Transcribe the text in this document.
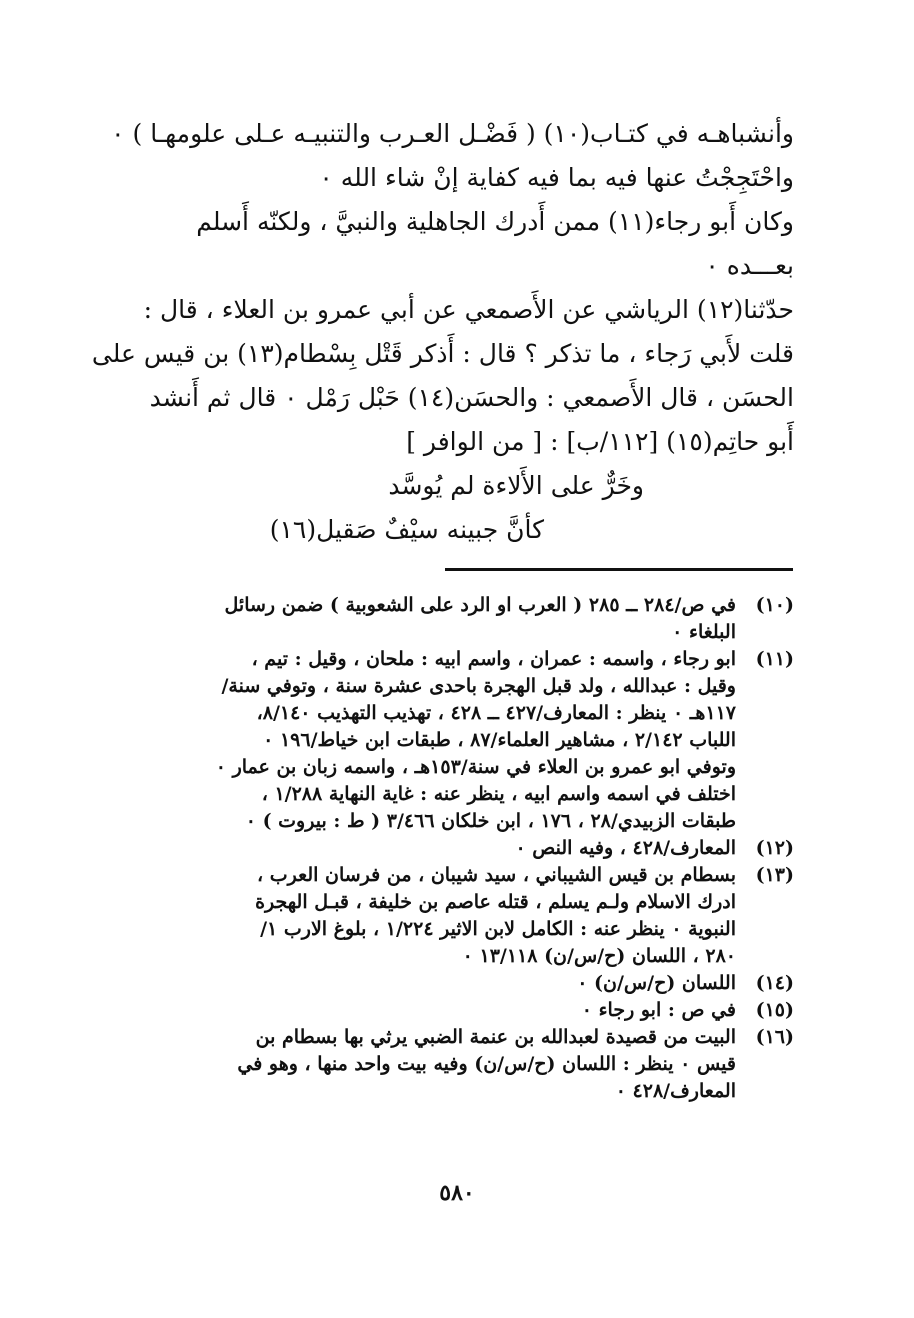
وأنشباهـه في كتـاب(١٠) ( فَضْـل العـرب والتنبيـه عـلى علومهـا ) ٠
واحْتَجِجْتُ عنها فيه بما فيه كفاية إنْ شاء الله ٠
وكان أَبو رجاء(١١) ممن أَدرك الجاهلية والنبيَّ ، ولكنّه أَسلم
بعـــده ٠
حدّثنا(١٢) الرياشي عن الأَصمعي عن أبي عمرو بن العلاء ، قال :
قلت لأَبي رَجاء ، ما تذكر ؟ قال : أَذكر قَتْل بِسْطام(١٣) بن قيس على
الحسَن ، قال الأَصمعي : والحسَن(١٤) حَبْل رَمْل ٠ قال ثم أَنشد
أَبو حاتِم(١٥) [١١٢/ب] : [ من الوافر ]
وخَرٌّ على الأَلاءة لم يُوسَّد
كأنَّ جبينه سيْفٌ صَقيل(١٦)
(١٠)
في ص/٢٨٤ ــ ٢٨٥ ( العرب او الرد على الشعوبية ) ضمن رسائل
البلغاء ٠
(١١)
ابو رجاء ، واسمه : عمران ، واسم ابيه : ملحان ، وقيل : تيم ،
وقيل : عبدالله ، ولد قبل الهجرة باحدى عشرة سنة ، وتوفي سنة/
١١٧هـ ٠ ينظر : المعارف/٤٢٧ ــ ٤٢٨ ، تهذيب التهذيب ٨/١٤٠،
اللباب ٢/١٤٢ ، مشاهير العلماء/٨٧ ، طبقات ابن خياط/١٩٦ ٠
وتوفي ابو عمرو بن العلاء في سنة/١٥٣هـ ، واسمه زبان بن عمار ٠
اختلف في اسمه واسم ابيه ، ينظر عنه : غاية النهاية ١/٢٨٨ ،
طبقات الزبيدي/٢٨ ، ١٧٦ ، ابن خلكان ٣/٤٦٦ ( ط : بيروت ) ٠
(١٢)
المعارف/٤٢٨ ، وفيه النص ٠
(١٣)
بسطام بن قيس الشيباني ، سيد شيبان ، من فرسان العرب ،
ادرك الاسلام ولـم يسلم ، قتله عاصم بن خليفة ، قبـل الهجرة
النبوية ٠ ينظر عنه : الكامل لابن الاثير ١/٢٢٤ ، بلوغ الارب ١/
٢٨٠ ، اللسان (ح/س/ن) ١٣/١١٨ ٠
(١٤)
اللسان (ح/س/ن) ٠
(١٥)
في ص : ابو رجاء ٠
(١٦)
البيت من قصيدة لعبدالله بن عنمة الضبي يرثي بها بسطام بن
قيس ٠ ينظر : اللسان (ح/س/ن) وفيه بيت واحد منها ، وهو في
المعارف/٤٢٨ ٠
٥٨٠
